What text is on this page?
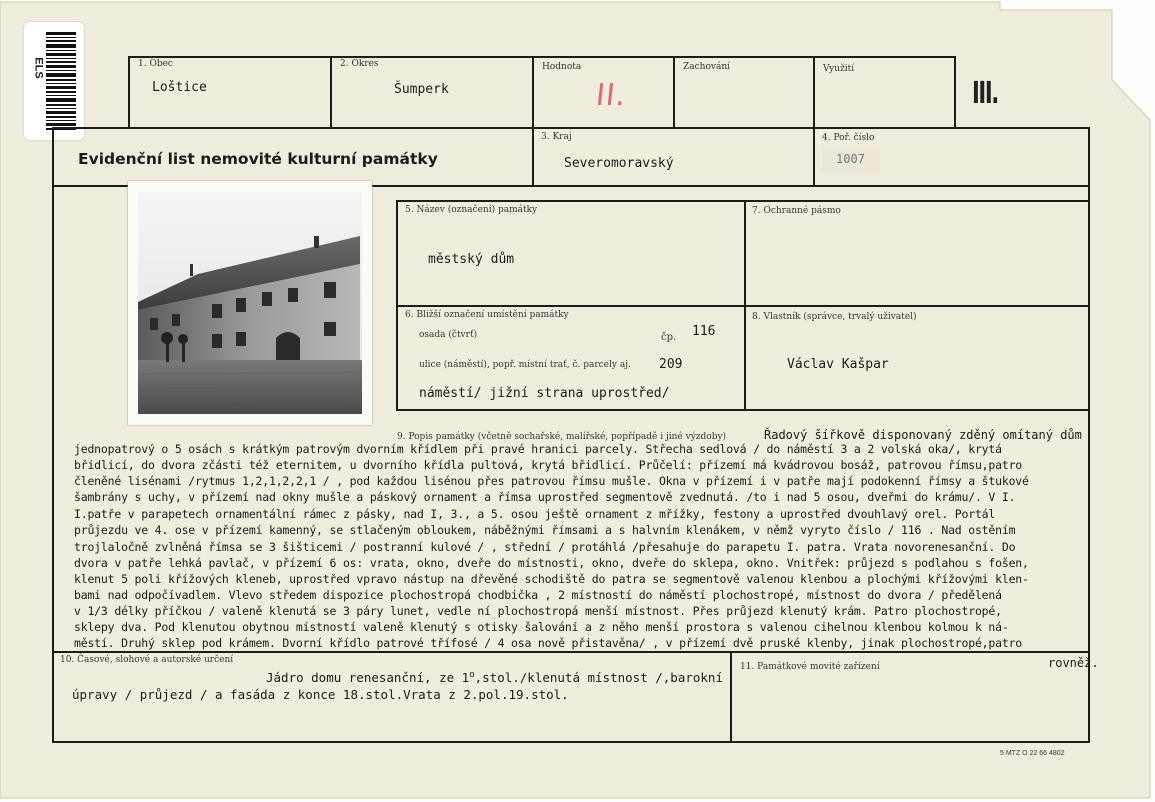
ELS	1. Obec
Loštice
2. Okres
Šumperk
Hodnota
II.
Zachování	Využití
III.
Evidenční list nemovité kulturní památky
3. Kraj
Severomoravský
4. Poř. číslo
1007
5. Název (označení) památky
městský dům
7. Ochranné pásmo
6. Bližší označení umístění památky
osada (čtvrť)	čp. 116
ulice (náměstí), popř. místní trať, č. parcely aj. 209
náměstí/ jižní strana uprostřed/
8. Vlastník (správce, trvalý uživatel)
Václav Kašpar
9. Popis památky (včetně sochařské, malířské, popřípadě i jiné výzdoby)	Řadový šířkově disponovaný zděný omítaný dům
jednopatrový o 5 osách s krátkým patrovým dvorním křídlem při pravé hranici parcely. Střecha sedlová / do náměstí 3 a 2 volská oka/, krytá
břidlicí, do dvora zčásti též eternitem, u dvorního křídla pultová, krytá břidlicí. Průčelí: přízemí má kvádrovou bosáž, patrovou římsu,patro
členěné lisénami /rytmus 1,2,1,2,2,1 / , pod každou lisénou přes patrovou římsu mušle. Okna v přízemí i v patře mají podokenní římsy a štukové
šambrány s uchy, v přízemí nad okny mušle a páskový ornament a římsa uprostřed segmentově zvednutá. /to i nad 5 osou, dveřmi do krámu/. V I.
I.patře v parapetech ornamentální rámec z pásky, nad I, 3., a 5. osou ještě ornament z mřížky, festony a uprostřed dvouhlavý orel. Portál
průjezdu ve 4. ose v přízemí kamenný, se stlačeným obloukem, náběžnými římsami a s halvním klenákem, v němž vyryto číslo / 116 . Nad ostěním
trojlaločně zvlněná římsa se 3 šišticemi / postranní kulové / , střední / protáhlá /přesahuje do parapetu I. patra. Vrata novorenesanční. Do
dvora v patře lehká pavlač, v přízemí 6 os: vrata, okno, dveře do místnosti, okno, dveře do sklepa, okno. Vnitřek: průjezd s podlahou s fošen,
klenut 5 poli křížových klenеb, uprostřed vpravo nástup na dřevěné schodiště do patra se segmentově valenou klenbou a plochými křížovými klen-
bami nad odpočívadlem. Vlevo středem dispozice plochostropá chodbička , 2 místností do náměstí plochostropé, místnost do dvora / předělená
v 1/3 délky příčkou / valeně klenutá se 3 páry lunet, vedle ní plochostropá menší místnost. Přes průjezd klenutý krám. Patro plochostropé,
sklepy dva. Pod klenutou obytnou místností valeně klenutý s otisky šalování a z něho menší prostora s valenou cihelnou klenbou kolmou k ná-
městí. Druhý sklep pod krámem. Dvorní křídlo patrové třífosé / 4 osa nově přistavěna/ , v přízemí dvě pruské klenby, jinak plochostropé,patro
rovněž.
10. Časové, slohové a autorské určení
Jádro domu renesanční, ze 1$^o$,stol./klenutá místnost /,barokní
úpravy / průjezd / a fasáda z konce 18.stol.Vrata z 2.pol.19.stol.
11. Památkové movité zařízení
5 MTZ O 22 66 4802
